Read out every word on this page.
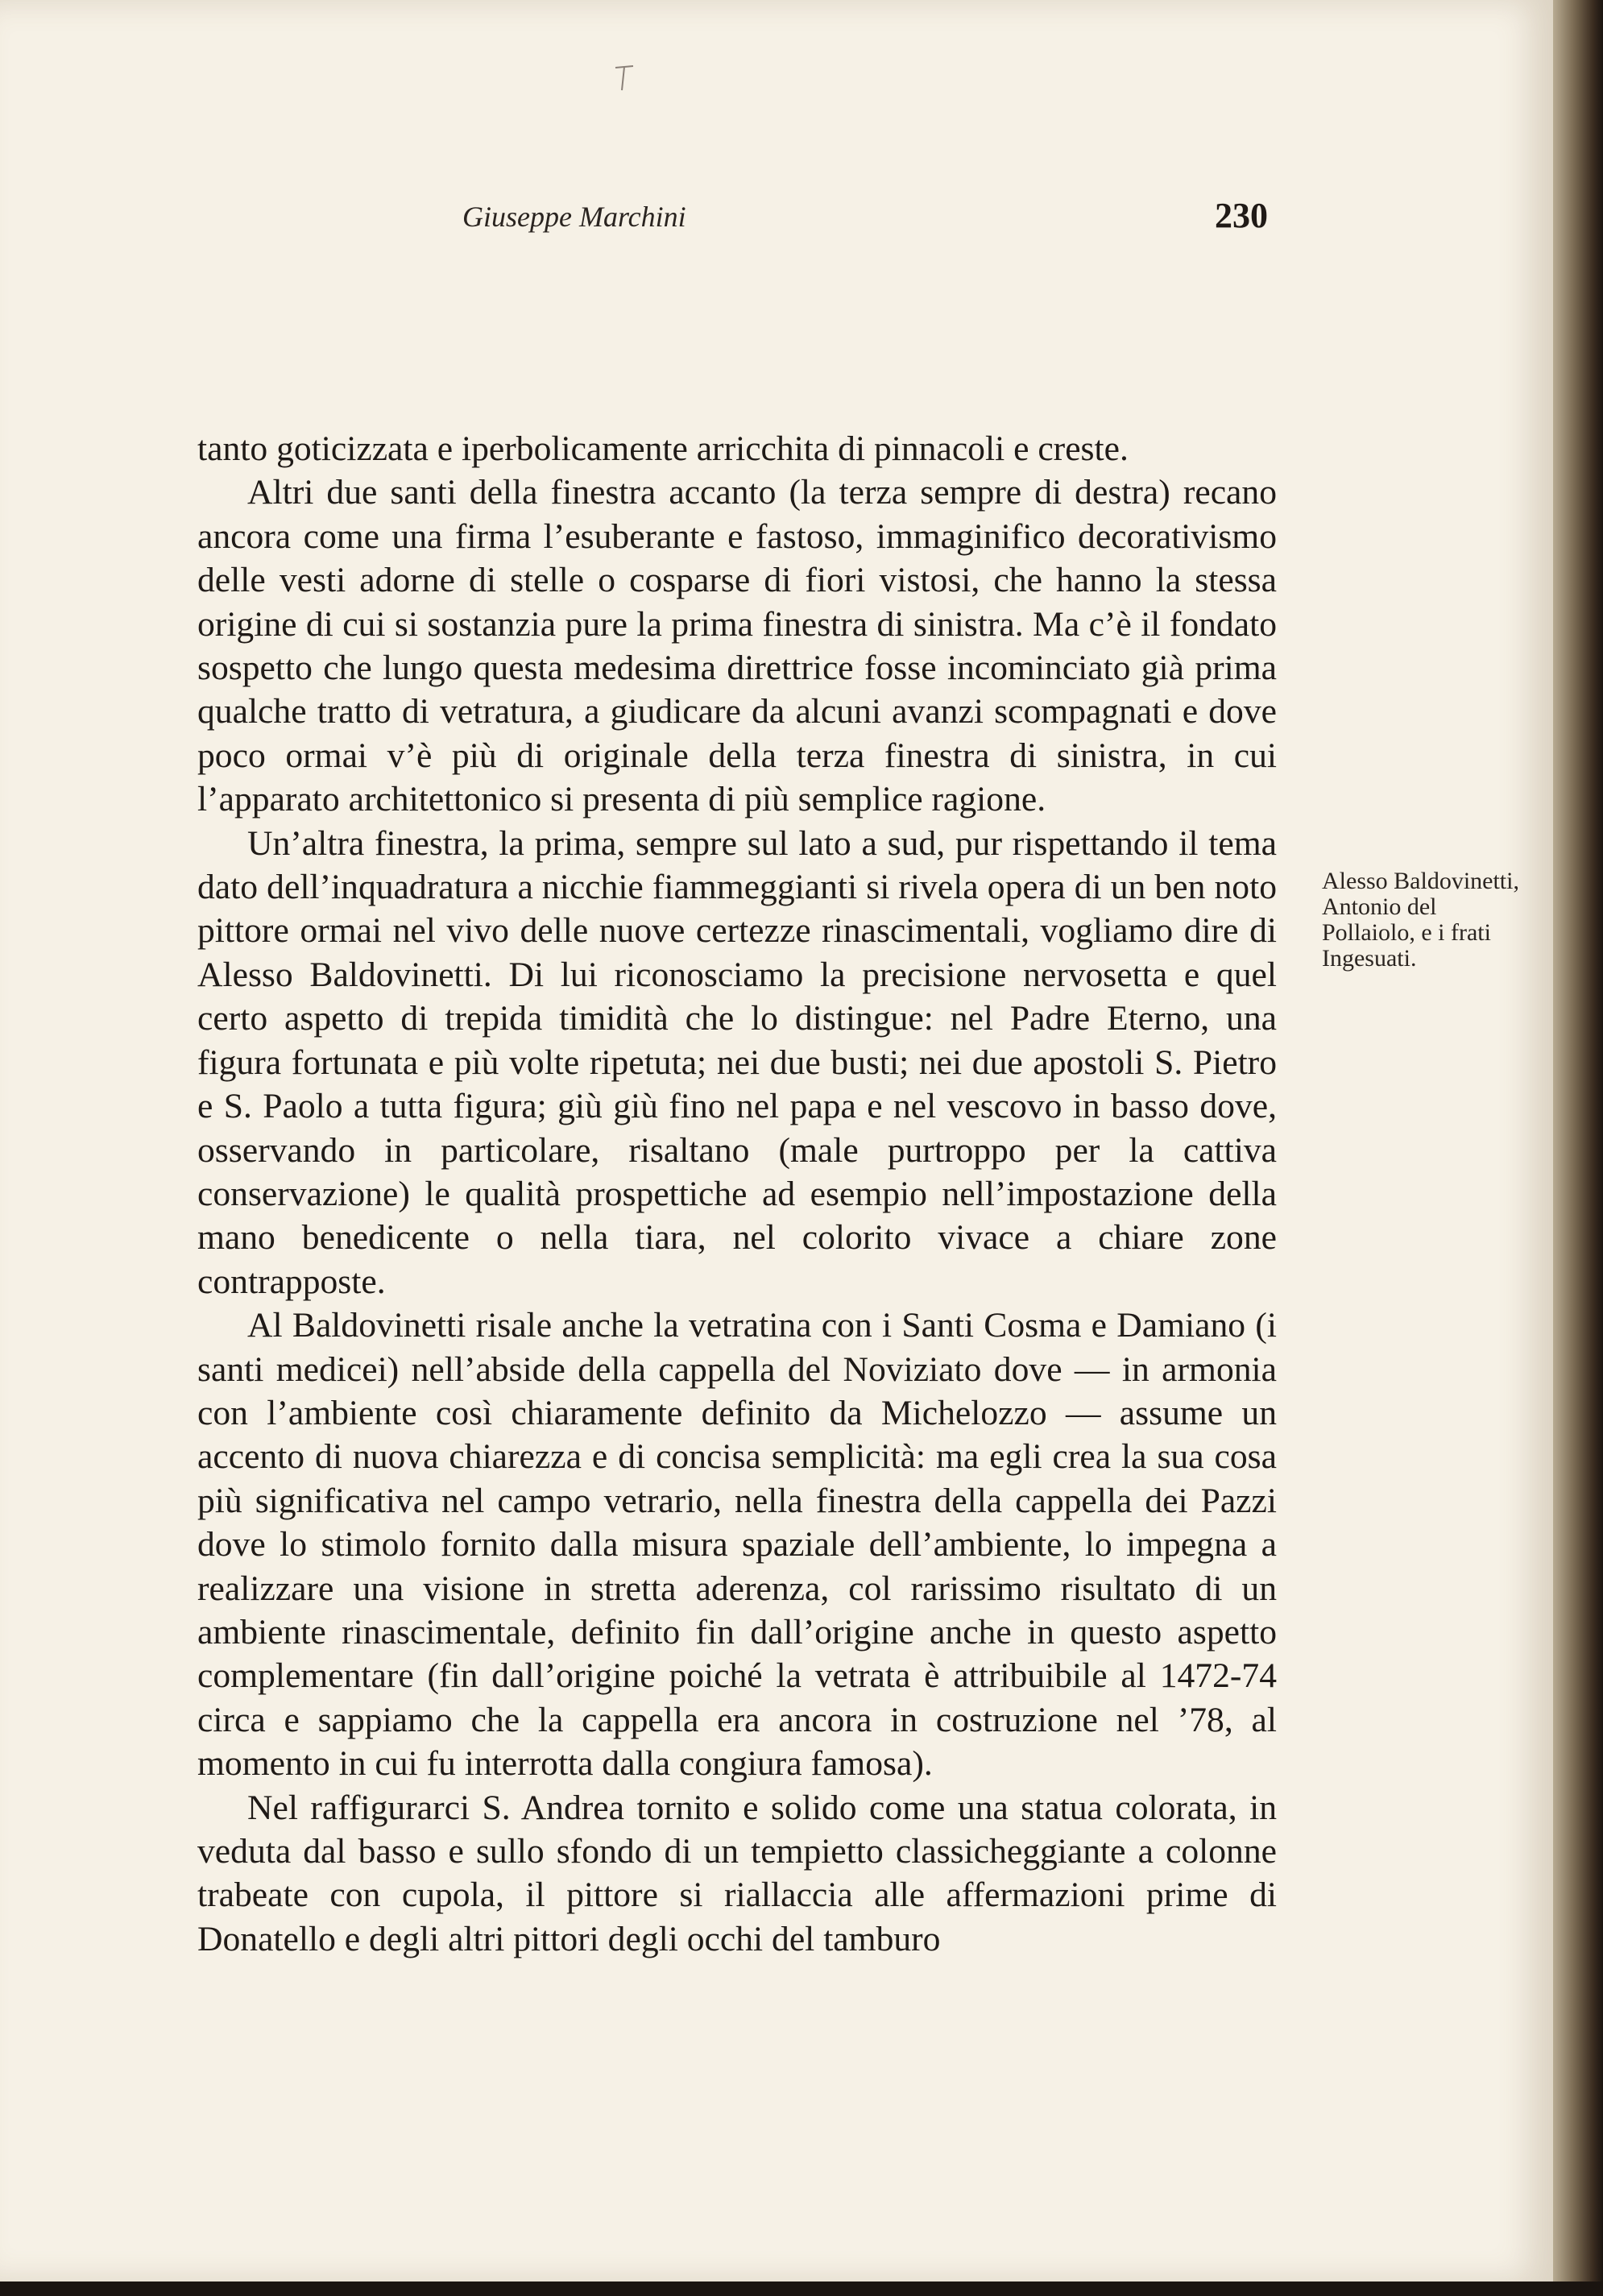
Giuseppe Marchini	230

tanto goticizzata e iperbolicamente arricchita di pinnacoli e creste.

Altri due santi della finestra accanto (la terza sempre di destra) recano ancora come una firma l’esuberante e fastoso, immaginifico decorativismo delle vesti adorne di stelle o cosparse di fiori vistosi, che hanno la stessa origine di cui si sostanzia pure la prima finestra di sinistra. Ma c’è il fondato sospetto che lungo questa medesima direttrice fosse incominciato già prima qualche tratto di vetratura, a giudicare da alcuni avanzi scompagnati e dove poco ormai v’è più di originale della terza finestra di sinistra, in cui l’apparato architettonico si presenta di più semplice ragione.

Un’altra finestra, la prima, sempre sul lato a sud, pur rispettando il tema dato dell’inquadratura a nicchie fiammeggianti si rivela opera di un ben noto pittore ormai nel vivo delle nuove certezze rinascimentali, vogliamo dire di Alesso Baldovinetti. Di lui riconosciamo la precisione nervosetta e quel certo aspetto di trepida timidità che lo distingue: nel Padre Eterno, una figura fortunata e più volte ripetuta; nei due busti; nei due apostoli S. Pietro e S. Paolo a tutta figura; giù giù fino nel papa e nel vescovo in basso dove, osservando in particolare, risaltano (male purtroppo per la cattiva conservazione) le qualità prospettiche ad esempio nell’impostazione della mano benedicente o nella tiara, nel colorito vivace a chiare zone contrapposte.

Al Baldovinetti risale anche la vetratina con i Santi Cosma e Damiano (i santi medicei) nell’abside della cappella del Noviziato dove — in armonia con l’ambiente così chiaramente definito da Michelozzo — assume un accento di nuova chiarezza e di concisa semplicità: ma egli crea la sua cosa più significativa nel campo vetrario, nella finestra della cappella dei Pazzi dove lo stimolo fornito dalla misura spaziale dell’ambiente, lo impegna a realizzare una visione in stretta aderenza, col rarissimo risultato di un ambiente rinascimentale, definito fin dall’origine anche in questo aspetto complementare (fin dall’origine poiché la vetrata è attribuibile al 1472-74 circa e sappiamo che la cappella era ancora in costruzione nel ’78, al momento in cui fu interrotta dalla congiura famosa).

Nel raffigurarci S. Andrea tornito e solido come una statua colorata, in veduta dal basso e sullo sfondo di un tempietto classicheggiante a colonne trabeate con cupola, il pittore si riallaccia alle affermazioni prime di Donatello e degli altri pittori degli occhi del tamburo

Alesso Baldovinetti, Antonio del Pollaiolo, e i frati Ingesuati.
